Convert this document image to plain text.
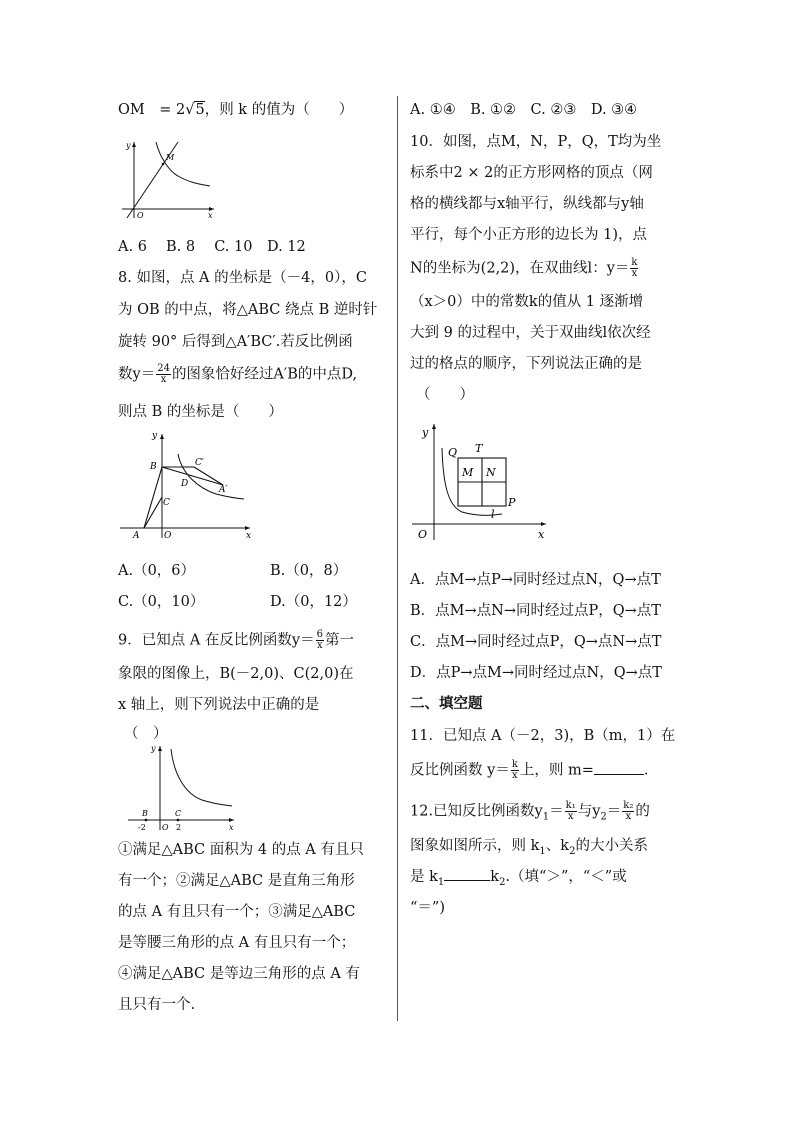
OM　= 2√5，则 k 的值为（　　）
M
y
x
O
A. 6　 B. 8　 C. 10　D. 12
8. 如图，点 A 的坐标是（－4，0），C
为 OB 的中点，将△ABC 绕点 B 逆时针
旋转 90° 后得到△A′BC′.若反比例函
数$y= \frac{24}{x}$ 的图象恰好经过A′B的中点D,
则点 B 的坐标是（　　）
y
x
O
A
B
C
D
C′
A′
A.（0，6）	B.（0，8）
C.（0，10）	D.（0，12）
9．已知点 A 在反比例函数$y= \frac{6}{x}$ 第一
象限的图像上，B(－2,0)、C(2,0)在
x 轴上，则下列说法中正确的是
（　）
y
x
O
B	C
-2	2
①满足△ABC 面积为 4 的点 A 有且只
有一个；②满足△ABC 是直角三角形
的点 A 有且只有一个；③满足△ABC
是等腰三角形的点 A 有且只有一个；
④满足△ABC 是等边三角形的点 A 有
且只有一个.
A. ①④　B. ①②　C. ②③　D. ③④
10．如图，点M，N，P，Q，T均为坐
标系中2 × 2的正方形网格的顶点（网
格的横线都与x轴平行，纵线都与y轴
平行，每个小正方形的边长为 1)，点
N的坐标为(2,2)，在双曲线l：$y= \frac{k}{x}$
（x＞0）中的常数k的值从 1 逐渐增
大到 9 的过程中，关于双曲线l依次经
过的格点的顺序，下列说法正确的是
（　　）
y
x
O
Q T
M N
P
l
A．点M→点P→同时经过点N，Q→点T
B．点M→点N→同时经过点P，Q→点T
C．点M→同时经过点P，Q→点N→点T
D．点P→点M→同时经过点N，Q→点T
二、填空题
11．已知点 A（－2，3)，B（m，1）在
反比例函数 $y= \frac{k}{x}$ 上，则 m=	.
12.已知反比例函数$y_1= \frac{\text{k₁}}{x}$ 与$y_2= \frac{\text{k₂}}{x}$ 的
图象如图所示，则 $k_1$、$k_2$的大小关系
是 $k_1$	$k_2$.（填“＞”，“＜”或
“＝”)
